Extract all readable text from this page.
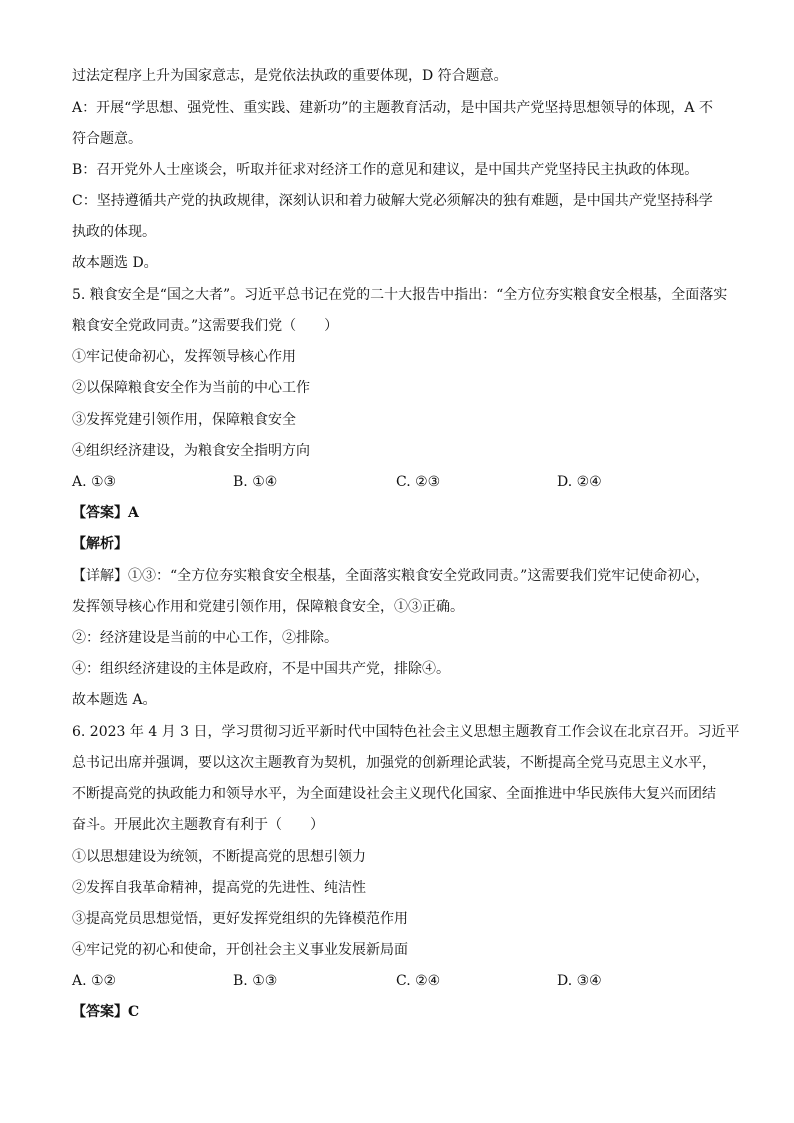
过法定程序上升为国家意志，是党依法执政的重要体现，D 符合题意。
A：开展“学思想、强党性、重实践、建新功”的主题教育活动，是中国共产党坚持思想领导的体现，A 不
符合题意。
B：召开党外人士座谈会，听取并征求对经济工作的意见和建议，是中国共产党坚持民主执政的体现。
C：坚持遵循共产党的执政规律，深刻认识和着力破解大党必须解决的独有难题，是中国共产党坚持科学
执政的体现。
故本题选 D。
5. 粮食安全是“国之大者”。习近平总书记在党的二十大报告中指出：“全方位夯实粮食安全根基，全面落实
粮食安全党政同责。”这需要我们党（　　）
①牢记使命初心，发挥领导核心作用
②以保障粮食安全作为当前的中心工作
③发挥党建引领作用，保障粮食安全
④组织经济建设，为粮食安全指明方向
A. ①③	B. ①④	C. ②③	D. ②④
【答案】A
【解析】
【详解】①③：“全方位夯实粮食安全根基，全面落实粮食安全党政同责。”这需要我们党牢记使命初心，
发挥领导核心作用和党建引领作用，保障粮食安全，①③正确。
②：经济建设是当前的中心工作，②排除。
④：组织经济建设的主体是政府，不是中国共产党，排除④。
故本题选 A。
6. 2023 年 4 月 3 日，学习贯彻习近平新时代中国特色社会主义思想主题教育工作会议在北京召开。习近平
总书记出席并强调，要以这次主题教育为契机，加强党的创新理论武装，不断提高全党马克思主义水平，
不断提高党的执政能力和领导水平，为全面建设社会主义现代化国家、全面推进中华民族伟大复兴而团结
奋斗。开展此次主题教育有利于（　　）
①以思想建设为统领，不断提高党的思想引领力
②发挥自我革命精神，提高党的先进性、纯洁性
③提高党员思想觉悟，更好发挥党组织的先锋模范作用
④牢记党的初心和使命，开创社会主义事业发展新局面
A. ①②	B. ①③	C. ②④	D. ③④
【答案】C
